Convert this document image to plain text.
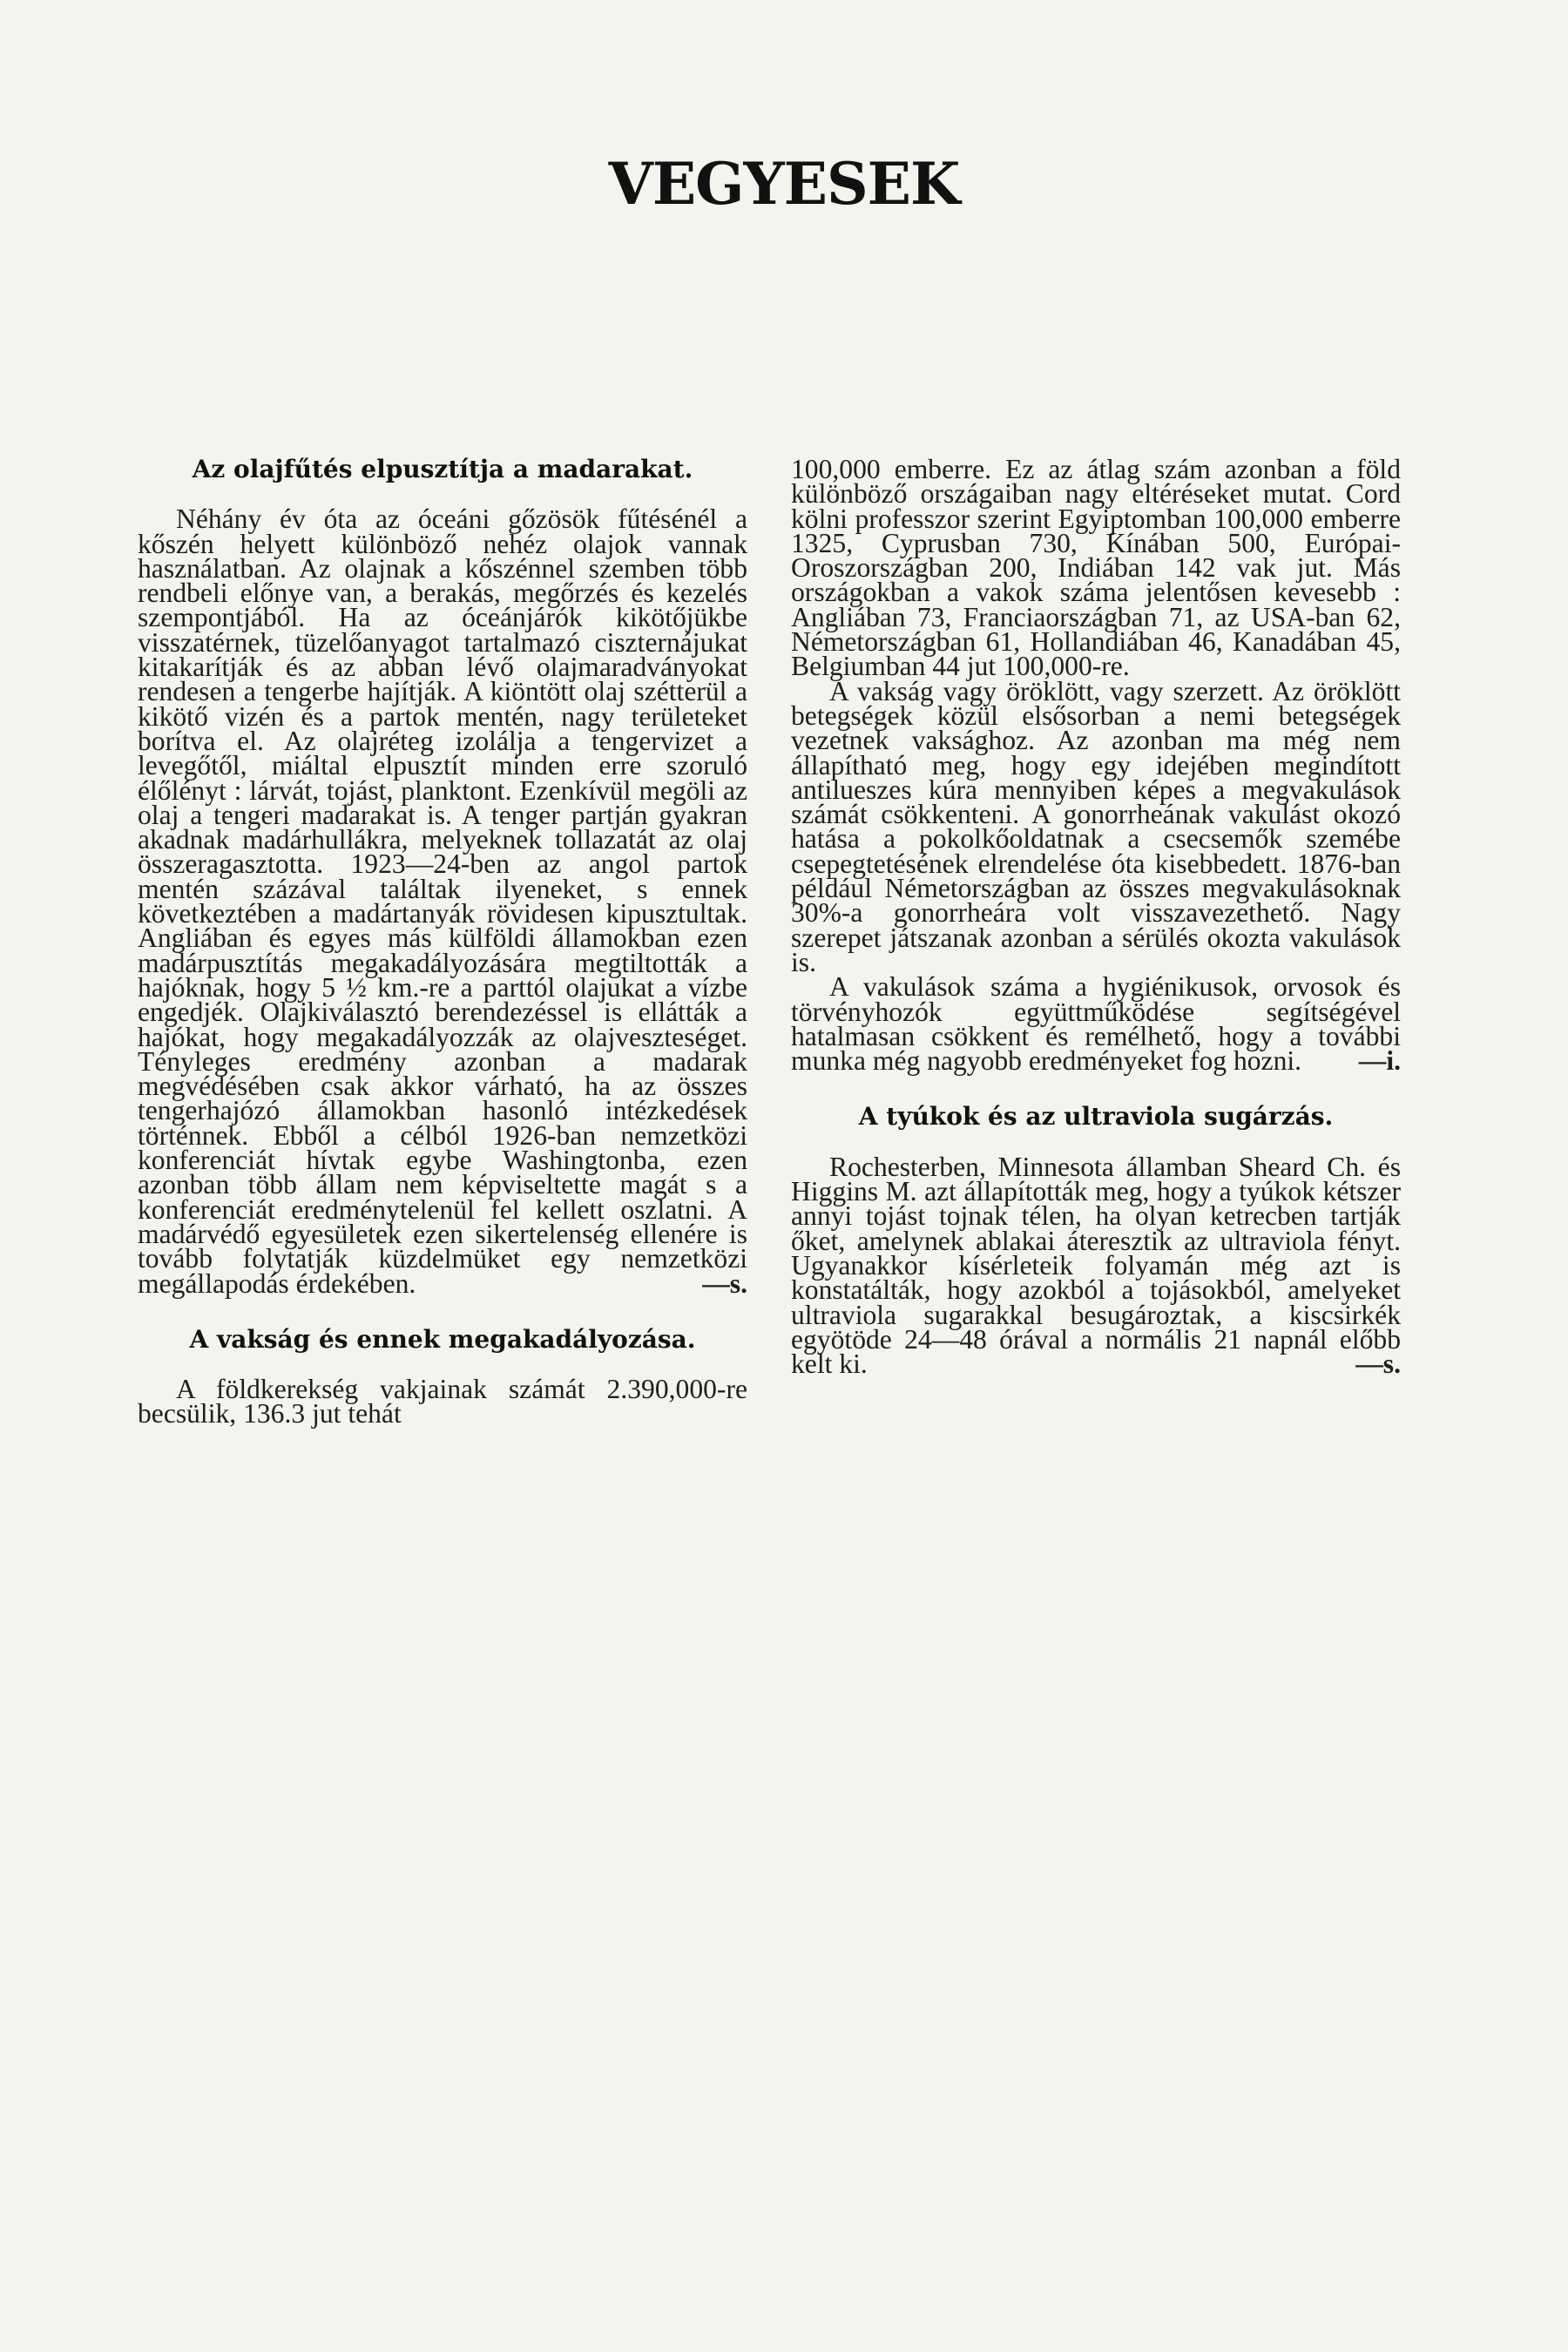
VEGYESEK
Az olajfűtés elpusztítja a madarakat.

Néhány év óta az óceáni gőzösök fűtésénél a kőszén helyett különböző nehéz olajok vannak használatban. Az olajnak a kőszénnel szemben több rendbeli előnye van, a berakás, megőrzés és kezelés szempontjából. Ha az óceánjárók kikötőjükbe visszatérnek, tüzelőanyagot tartalmazó ciszternájukat kitakarítják és az abban lévő olajmaradványokat rendesen a tengerbe hajítják. A kiöntött olaj szétterül a kikötő vizén és a partok mentén, nagy területeket borítva el. Az olajréteg izolálja a tengervizet a levegőtől, miáltal elpusztít minden erre szoruló élőlényt : lárvát, tojást, planktont. Ezenkívül megöli az olaj a tengeri madarakat is. A tenger partján gyakran akadnak madárhullákra, melyeknek tollazatát az olaj összeragasztotta. 1923—24-ben az angol partok mentén százával találtak ilyeneket, s ennek következtében a madártanyák rövidesen kipusztultak. Angliában és egyes más külföldi államokban ezen madárpusztítás megakadályozására megtiltották a hajóknak, hogy 5 ½ km.-re a parttól olajukat a vízbe engedjék. Olajkiválasztó berendezéssel is ellátták a hajókat, hogy megakadályozzák az olajveszteséget. Tényleges eredmény azonban a madarak megvédésében csak akkor várható, ha az összes tengerhajózó államokban hasonló intézkedések történnek. Ebből a célból 1926-ban nemzetközi konferenciát hívtak egybe Washingtonba, ezen azonban több állam nem képviseltette magát s a konferenciát eredménytelenül fel kellett oszlatni. A madárvédő egyesületek ezen sikertelenség ellenére is tovább folytatják küzdelmüket egy nemzetközi megállapodás érdekében.	—s.

A vakság és ennek megakadályozása.

A földkerekség vakjainak számát 2.390,000-re becsülik, 136.3 jut tehát

100,000 emberre. Ez az átlag szám azonban a föld különböző országaiban nagy eltéréseket mutat. Cord kölni professzor szerint Egyiptomban 100,000 emberre 1325, Cyprusban 730, Kínában 500, Európai-Oroszországban 200, Indiában 142 vak jut. Más országokban a vakok száma jelentősen kevesebb : Angliában 73, Franciaországban 71, az USA-ban 62, Németországban 61, Hollandiában 46, Kanadában 45, Belgiumban 44 jut 100,000-re.

A vakság vagy öröklött, vagy szerzett. Az öröklött betegségek közül elsősorban a nemi betegségek vezetnek vaksághoz. Az azonban ma még nem állapítható meg, hogy egy idejében megindított antilueszes kúra mennyiben képes a megvakulások számát csökkenteni. A gonorrheának vakulást okozó hatása a pokolkőoldatnak a csecsemők szemébe csepegtetésének elrendelése óta kisebbedett. 1876-ban például Németországban az összes megvakulásoknak 30%-a gonorrheára volt visszavezethető. Nagy szerepet játszanak azonban a sérülés okozta vakulások is.

A vakulások száma a hygiénikusok, orvosok és törvényhozók együttműködése segítségével hatalmasan csökkent és remélhető, hogy a további munka még nagyobb eredményeket fog hozni. —i.

A tyúkok és az ultraviola sugárzás.

Rochesterben, Minnesota államban Sheard Ch. és Higgins M. azt állapították meg, hogy a tyúkok kétszer annyi tojást tojnak télen, ha olyan ketrecben tartják őket, amelynek ablakai áteresztik az ultraviola fényt. Ugyanakkor kísérleteik folyamán még azt is konstatálták, hogy azokból a tojásokból, amelyeket ultraviola sugarakkal besugároztak, a kiscsirkék egyötöde 24—48 órával a normális 21 napnál előbb kelt ki.	—s.
